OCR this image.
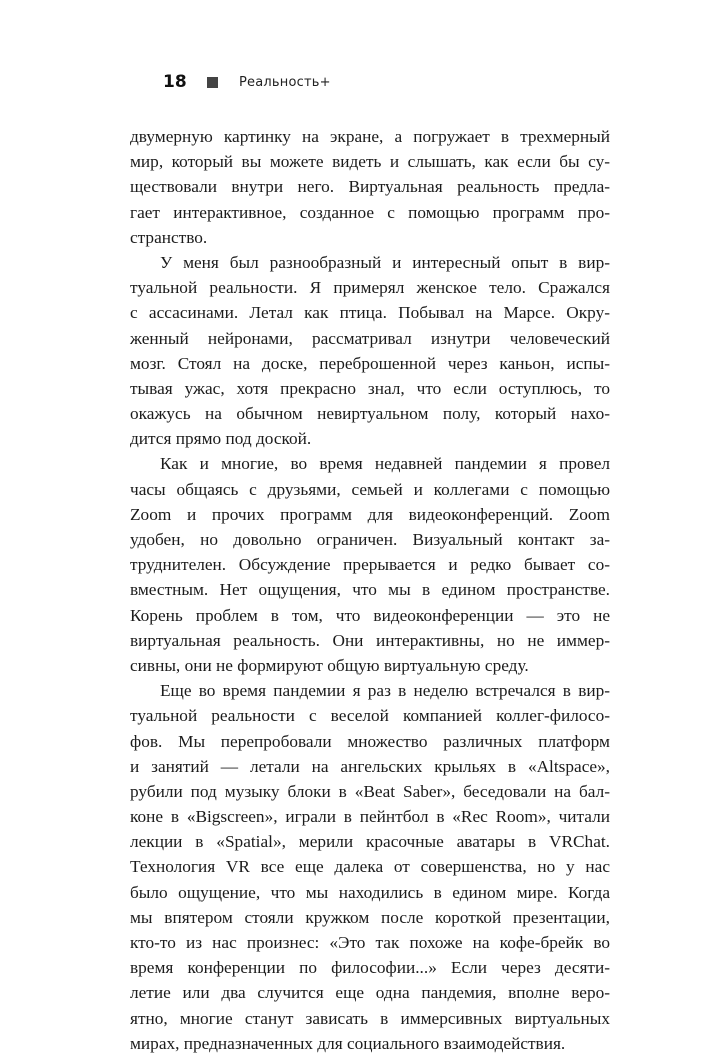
18	Реальность+
двумерную картинку на экране, а погружает в трехмерный
мир, который вы можете видеть и слышать, как если бы су-
ществовали внутри него. Виртуальная реальность предла-
гает интерактивное, созданное с помощью программ про-
странство.
У меня был разнообразный и интересный опыт в вир-
туальной реальности. Я примерял женское тело. Сражался
с ассасинами. Летал как птица. Побывал на Марсе. Окру-
женный нейронами, рассматривал изнутри человеческий
мозг. Стоял на доске, переброшенной через каньон, испы-
тывая ужас, хотя прекрасно знал, что если оступлюсь, то
окажусь на обычном невиртуальном полу, который нахо-
дится прямо под доской.
Как и многие, во время недавней пандемии я провел
часы общаясь с друзьями, семьей и коллегами с помощью
Zoom и прочих программ для видеоконференций. Zoom
удобен, но довольно ограничен. Визуальный контакт за-
труднителен. Обсуждение прерывается и редко бывает со-
вместным. Нет ощущения, что мы в едином пространстве.
Корень проблем в том, что видеоконференции — это не
виртуальная реальность. Они интерактивны, но не иммер-
сивны, они не формируют общую виртуальную среду.
Еще во время пандемии я раз в неделю встречался в вир-
туальной реальности с веселой компанией коллег-филосо-
фов. Мы перепробовали множество различных платформ
и занятий — летали на ангельских крыльях в «Altspace»,
рубили под музыку блоки в «Beat Saber», беседовали на бал-
коне в «Bigscreen», играли в пейнтбол в «Rec Room», читали
лекции в «Spatial», мерили красочные аватары в VRChat.
Технология VR все еще далека от совершенства, но у нас
было ощущение, что мы находились в едином мире. Когда
мы впятером стояли кружком после короткой презентации,
кто-то из нас произнес: «Это так похоже на кофе-брейк во
время конференции по философии...» Если через десяти-
летие или два случится еще одна пандемия, вполне веро-
ятно, многие станут зависать в иммерсивных виртуальных
мирах, предназначенных для социального взаимодействия.
